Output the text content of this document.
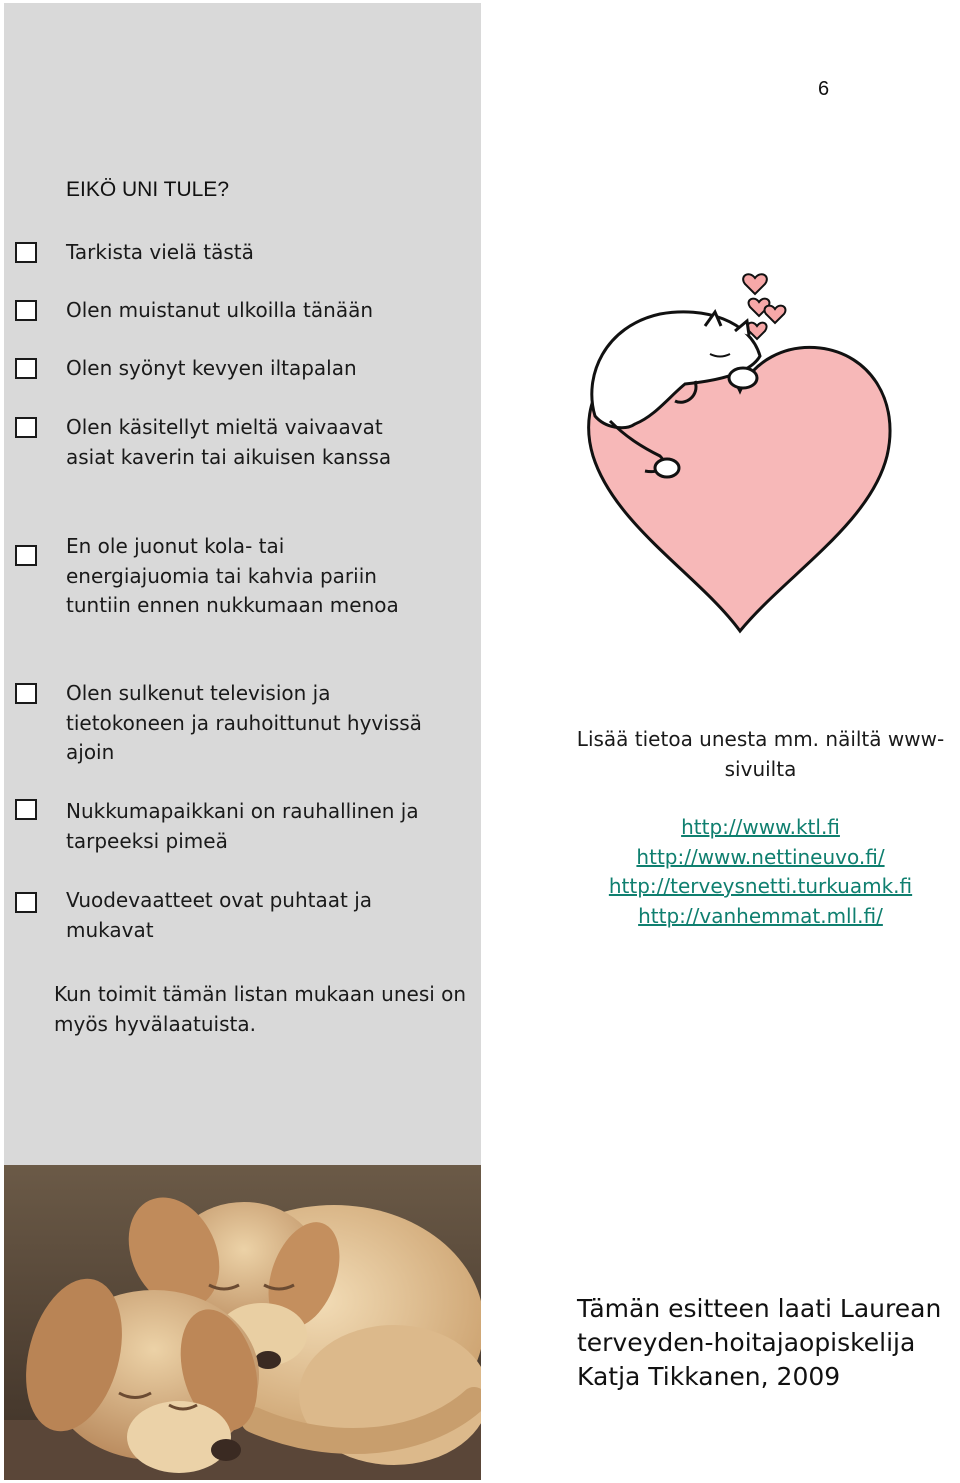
6
EIKÖ UNI TULE?
Tarkista vielä tästä
Olen muistanut ulkoilla tänään
Olen syönyt kevyen iltapalan
Olen käsitellyt mieltä vaivaavat asiat kaverin tai aikuisen kanssa
En ole juonut kola- tai energiajuomia tai kahvia pariin tuntiin ennen nukkumaan menoa
Olen sulkenut television ja tietokoneen ja rauhoittunut hyvissä ajoin
Nukkumapaikkani on rauhallinen ja tarpeeksi pimeä
Vuodevaatteet ovat puhtaat ja mukavat
Kun toimit tämän listan mukaan unesi on myös hyvälaatuista.
Lisää tietoa unesta mm. näiltä www-sivuilta
http://www.ktl.fi
http://www.nettineuvo.fi/
http://terveysnetti.turkuamk.fi
http://vanhemmat.mll.fi/
Tämän esitteen laati Laurean
terveyden-hoitajaopiskelija
Katja Tikkanen, 2009
